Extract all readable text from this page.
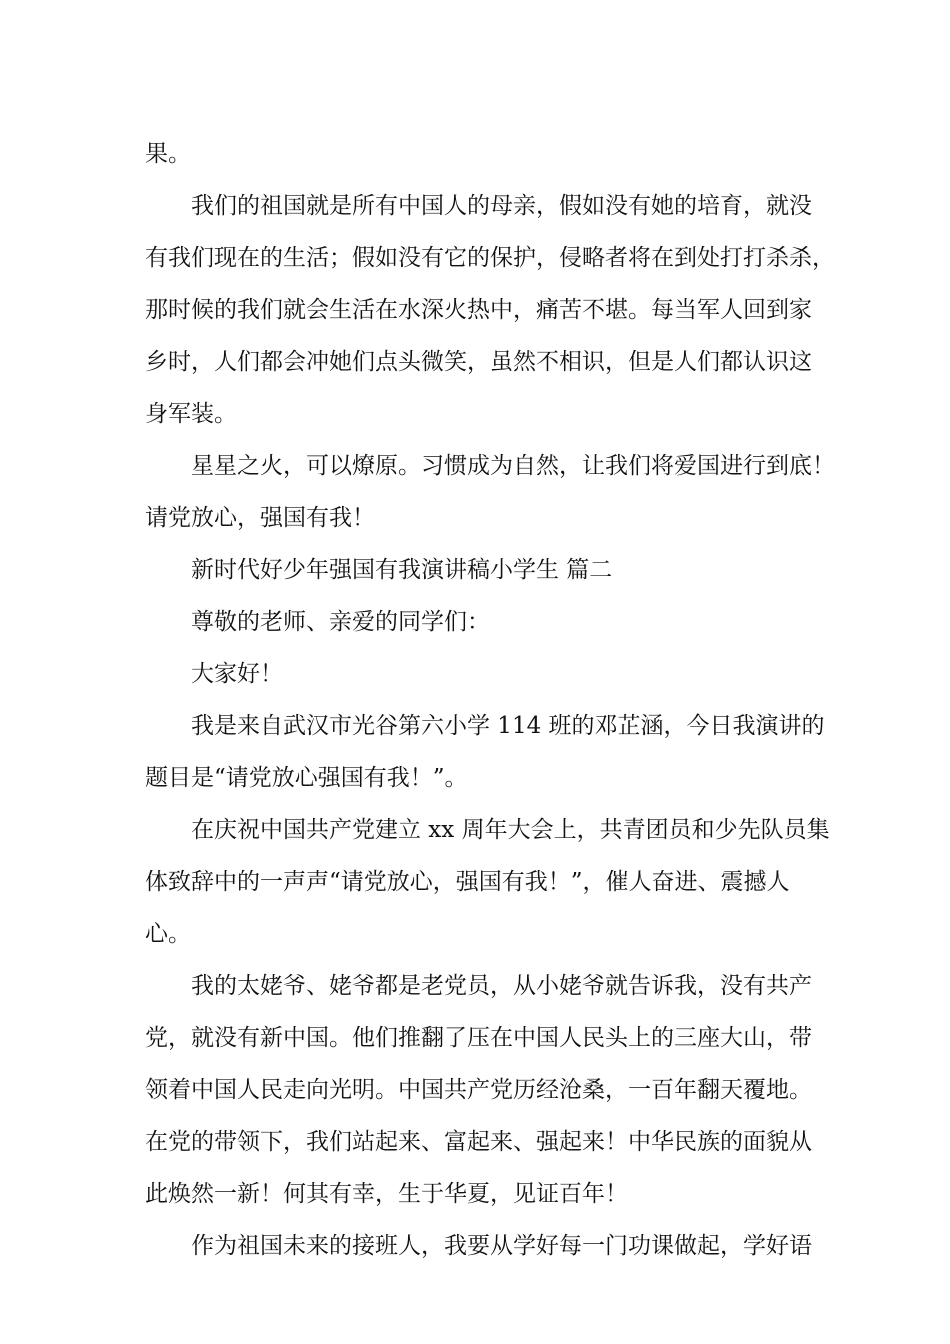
果。
我们的祖国就是所有中国人的母亲，假如没有她的培育，就没
有我们现在的生活；假如没有它的保护，侵略者将在到处打打杀杀，
那时候的我们就会生活在水深火热中，痛苦不堪。每当军人回到家
乡时，人们都会冲她们点头微笑，虽然不相识，但是人们都认识这
身军装。
星星之火，可以燎原。习惯成为自然，让我们将爱国进行到底！
请党放心，强国有我！
新时代好少年强国有我演讲稿小学生 篇二
尊敬的老师、亲爱的同学们：
大家好！
我是来自武汉市光谷第六小学 114 班的邓芷涵，今日我演讲的
题目是“请党放心强国有我！”。
在庆祝中国共产党建立 xx 周年大会上，共青团员和少先队员集
体致辞中的一声声“请党放心，强国有我！”，催人奋进、震撼人
心。
我的太姥爷、姥爷都是老党员，从小姥爷就告诉我，没有共产
党，就没有新中国。他们推翻了压在中国人民头上的三座大山，带
领着中国人民走向光明。中国共产党历经沧桑，一百年翻天覆地。
在党的带领下，我们站起来、富起来、强起来！中华民族的面貌从
此焕然一新！何其有幸，生于华夏，见证百年！
作为祖国未来的接班人，我要从学好每一门功课做起，学好语
